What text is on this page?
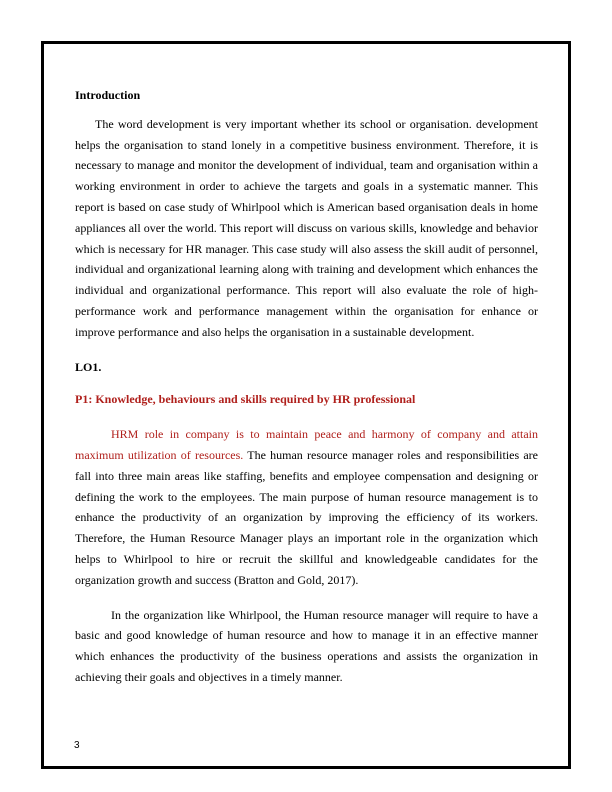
Introduction

The word development is very important whether its school or organisation. development helps the organisation to stand lonely in a competitive business environment. Therefore, it is necessary to manage and monitor the development of individual, team and organisation within a working environment in order to achieve the targets and goals in a systematic manner. This report is based on case study of Whirlpool which is American based organisation deals in home appliances all over the world. This report will discuss on various skills, knowledge and behavior which is necessary for HR manager. This case study will also assess the skill audit of personnel, individual and organizational learning along with training and development which enhances the individual and organizational performance. This report will also evaluate the role of high-performance work and performance management within the organisation for enhance or improve performance and also helps the organisation in a sustainable development.

LO1.

P1: Knowledge, behaviours and skills required by HR professional

HRM role in company is to maintain peace and harmony of company and attain maximum utilization of resources. The human resource manager roles and responsibilities are fall into three main areas like staffing, benefits and employee compensation and designing or defining the work to the employees. The main purpose of human resource management is to enhance the productivity of an organization by improving the efficiency of its workers. Therefore, the Human Resource Manager plays an important role in the organization which helps to Whirlpool to hire or recruit the skillful and knowledgeable candidates for the organization growth and success (Bratton and Gold, 2017).

In the organization like Whirlpool, the Human resource manager will require to have a basic and good knowledge of human resource and how to manage it in an effective manner which enhances the productivity of the business operations and assists the organization in achieving their goals and objectives in a timely manner.

3
